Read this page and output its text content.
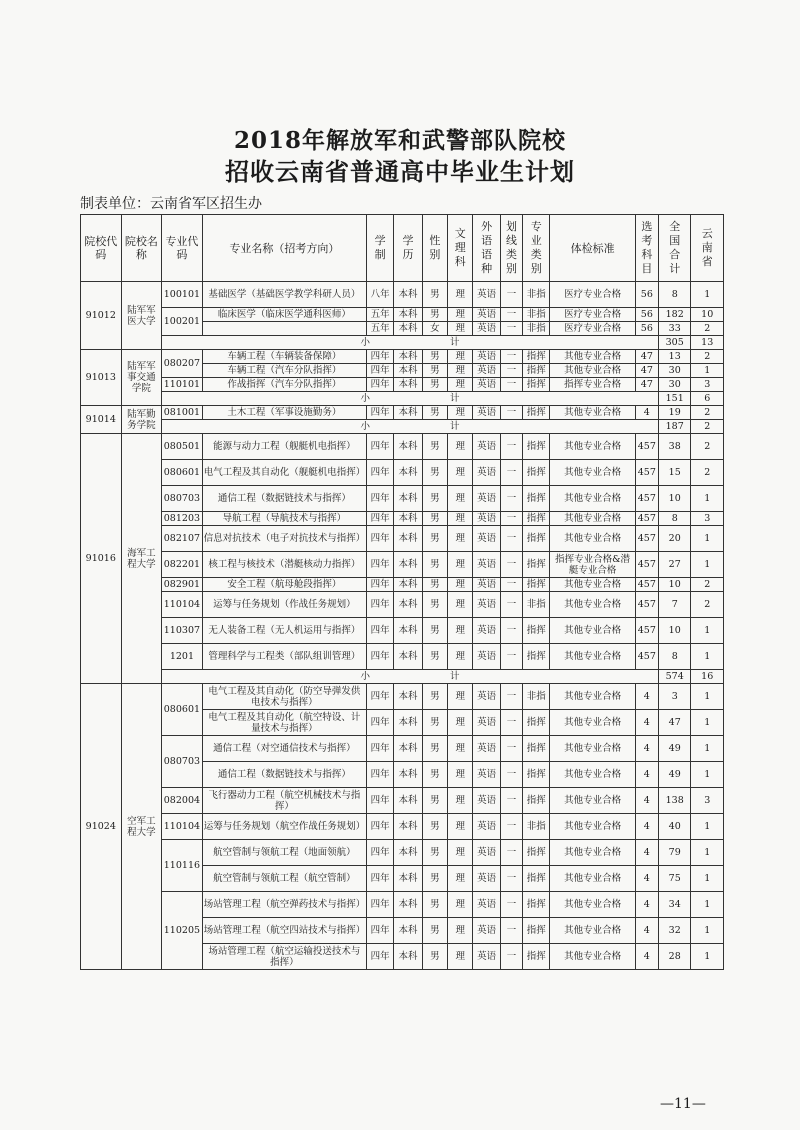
2018年解放军和武警部队院校
招收云南省普通高中毕业生计划
制表单位：云南省军区招生办
院校代码	院校名称	专业代码	专业名称（招考方向）	学制	学历	性别	文理科	外语语种	划线类别	专业类别	体检标准	选考科目	全国合计	云南省
91012	陆军军医大学	100101	基础医学（基础医学教学科研人员）	八年	本科	男	理	英语	一	非指	医疗专业合格	56	8	1
		100201	临床医学（临床医学通科医师）	五年	本科	男	理	英语	一	非指	医疗专业合格	56	182	10
				五年	本科	女	理	英语	一	非指	医疗专业合格	56	33	2
		小 计											305	13
91013	陆军军事交通学院	080207	车辆工程（车辆装备保障）	四年	本科	男	理	英语	一	指挥	其他专业合格	47	13	2
			车辆工程（汽车分队指挥）	四年	本科	男	理	英语	一	指挥	其他专业合格	47	30	1
		110101	作战指挥（汽车分队指挥）	四年	本科	男	理	英语	一	指挥	指挥专业合格	47	30	3
		小 计											151	6
91014	陆军勤务学院	081001	土木工程（军事设施勤务）	四年	本科	男	理	英语	一	指挥	其他专业合格	4	19	2
		小 计											187	2
91016	海军工程大学	080501	能源与动力工程（舰艇机电指挥）	四年	本科	男	理	英语	一	指挥	其他专业合格	457	38	2
		080601	电气工程及其自动化（舰艇机电指挥）	四年	本科	男	理	英语	一	指挥	其他专业合格	457	15	2
		080703	通信工程（数据链技术与指挥）	四年	本科	男	理	英语	一	指挥	其他专业合格	457	10	1
		081203	导航工程（导航技术与指挥）	四年	本科	男	理	英语	一	指挥	其他专业合格	457	8	3
		082107	信息对抗技术（电子对抗技术与指挥）	四年	本科	男	理	英语	一	指挥	其他专业合格	457	20	1
		082201	核工程与核技术（潜艇核动力指挥）	四年	本科	男	理	英语	一	指挥	指挥专业合格&潜艇专业合格	457	27	1
		082901	安全工程（航母舱段指挥）	四年	本科	男	理	英语	一	指挥	其他专业合格	457	10	2
		110104	运筹与任务规划（作战任务规划）	四年	本科	男	理	英语	一	非指	其他专业合格	457	7	2
		110307	无人装备工程（无人机运用与指挥）	四年	本科	男	理	英语	一	指挥	其他专业合格	457	10	1
		1201	管理科学与工程类（部队组训管理）	四年	本科	男	理	英语	一	指挥	其他专业合格	457	8	1
		小 计											574	16
91024	空军工程大学	080601	电气工程及其自动化（防空导弹发供电技术与指挥）	四年	本科	男	理	英语	一	非指	其他专业合格	4	3	1
			电气工程及其自动化（航空特设、计量技术与指挥）	四年	本科	男	理	英语	一	指挥	其他专业合格	4	47	1
		080703	通信工程（对空通信技术与指挥）	四年	本科	男	理	英语	一	指挥	其他专业合格	4	49	1
			通信工程（数据链技术与指挥）	四年	本科	男	理	英语	一	指挥	其他专业合格	4	49	1
		082004	飞行器动力工程（航空机械技术与指挥）	四年	本科	男	理	英语	一	指挥	其他专业合格	4	138	3
		110104	运筹与任务规划（航空作战任务规划）	四年	本科	男	理	英语	一	非指	其他专业合格	4	40	1
		110116	航空管制与领航工程（地面领航）	四年	本科	男	理	英语	一	指挥	其他专业合格	4	79	1
			航空管制与领航工程（航空管制）	四年	本科	男	理	英语	一	指挥	其他专业合格	4	75	1
		110205	场站管理工程（航空弹药技术与指挥）	四年	本科	男	理	英语	一	指挥	其他专业合格	4	34	1
			场站管理工程（航空四站技术与指挥）	四年	本科	男	理	英语	一	指挥	其他专业合格	4	32	1
			场站管理工程（航空运输投送技术与指挥）	四年	本科	男	理	英语	一	指挥	其他专业合格	4	28	1
—11—
